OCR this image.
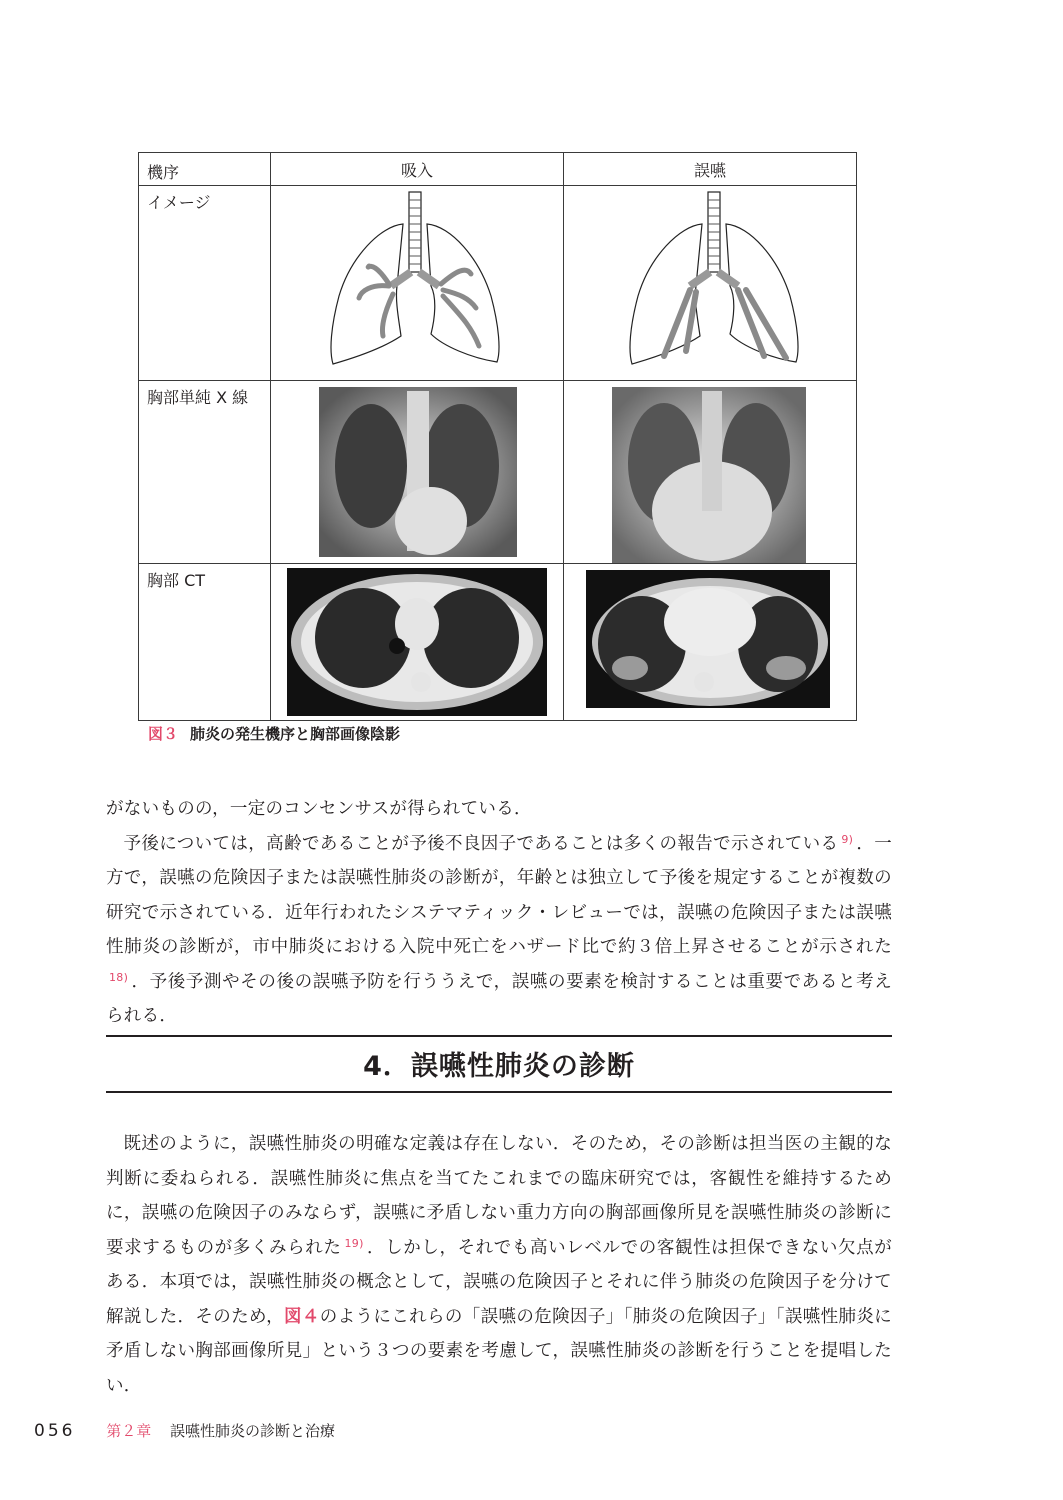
機序	吸入	誤嚥
イメージ		
胸部単純 X 線	

胸部 CT	

図３ 肺炎の発生機序と胸部画像陰影

がないものの，一定のコンセンサスが得られている．

予後については，高齢であることが予後不良因子であることは多くの報告で示されている $^{9)}$ ．一方で，誤嚥の危険因子または誤嚥性肺炎の診断が，年齢とは独立して予後を規定することが複数の研究で示されている．近年行われたシステマティック・レビューでは，誤嚥の危険因子または誤嚥性肺炎の診断が，市中肺炎における入院中死亡をハザード比で約３倍上昇させることが示された$^{18)}$ ．予後予測やその後の誤嚥予防を行ううえで，誤嚥の要素を検討することは重要であると考えられる．

4．誤嚥性肺炎の診断

既述のように，誤嚥性肺炎の明確な定義は存在しない．そのため，その診断は担当医の主観的な判断に委ねられる．誤嚥性肺炎に焦点を当てたこれまでの臨床研究では，客観性を維持するために，誤嚥の危険因子のみならず，誤嚥に矛盾しない重力方向の胸部画像所見を誤嚥性肺炎の診断に要求するものが多くみられた $^{19)}$ ．しかし，それでも高いレベルでの客観性は担保できない欠点がある．本項では，誤嚥性肺炎の概念として，誤嚥の危険因子とそれに伴う肺炎の危険因子を分けて解説した．そのため，図４のようにこれらの「誤嚥の危険因子」「肺炎の危険因子」「誤嚥性肺炎に矛盾しない胸部画像所見」という３つの要素を考慮して，誤嚥性肺炎の診断を行うことを提唱したい．

056 第２章 誤嚥性肺炎の診断と治療
